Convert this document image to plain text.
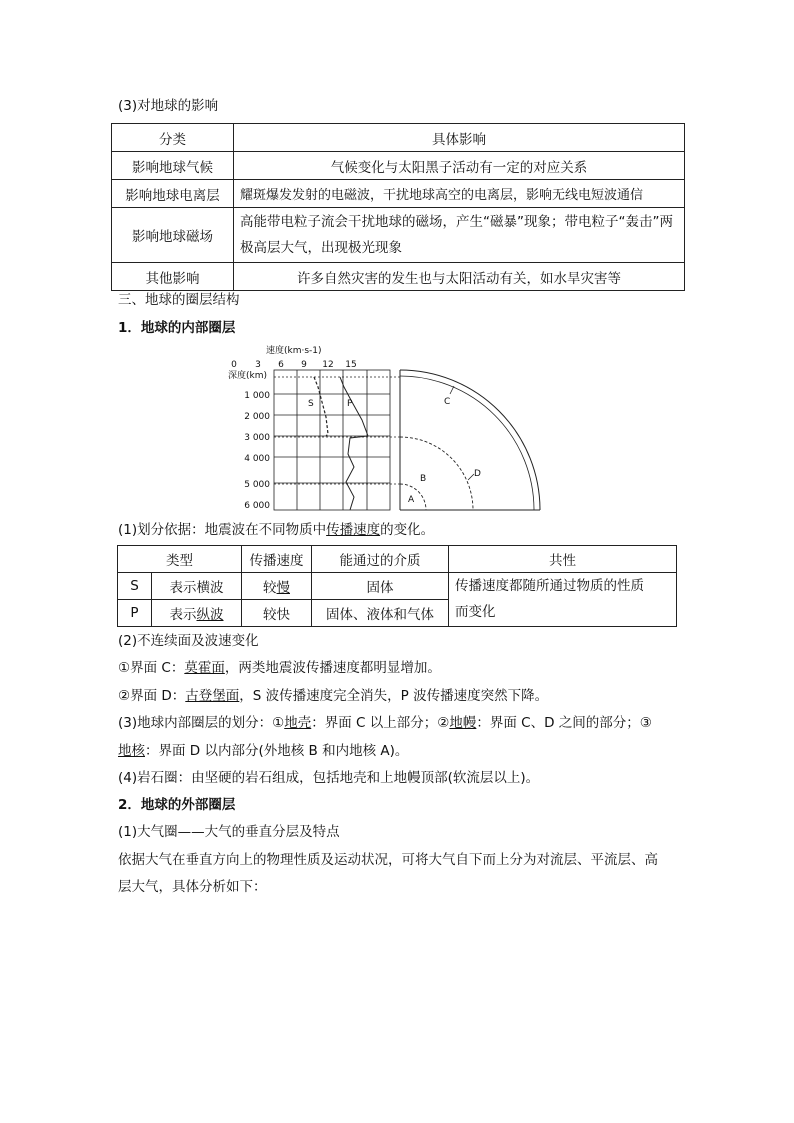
(3)对地球的影响
分类	具体影响
影响地球气候	气候变化与太阳黑子活动有一定的对应关系
影响地球电离层	耀斑爆发发射的电磁波，干扰地球高空的电离层，影响无线电短波通信
影响地球磁场	高能带电粒子流会干扰地球的磁场，产生“磁暴”现象；带电粒子“轰击”两极高层大气，出现极光现象
其他影响	许多自然灾害的发生也与太阳活动有关，如水旱灾害等
三、地球的圈层结构
1．地球的内部圈层
速度(km·s-1)
0 3 6 9 12 15
深度(km)
1 000
2 000
3 000
4 000
5 000
6 000
S	P	C
D
B
A
(1)划分依据：地震波在不同物质中传播速度的变化。
类型		传播速度	能通过的介质	共性
S	表示横波	较慢	固体	传播速度都随所通过物质的性质
而变化

P	表示纵波	较快	固体、液体和气体	
(2)不连续面及波速变化
①界面 C：莫霍面，两类地震波传播速度都明显增加。
②界面 D：古登堡面，S 波传播速度完全消失，P 波传播速度突然下降。
(3)地球内部圈层的划分：①地壳：界面 C 以上部分；②地幔：界面 C、D 之间的部分；③
地核：界面 D 以内部分(外地核 B 和内地核 A)。
(4)岩石圈：由坚硬的岩石组成，包括地壳和上地幔顶部(软流层以上)。
2．地球的外部圈层
(1)大气圈——大气的垂直分层及特点
依据大气在垂直方向上的物理性质及运动状况，可将大气自下而上分为对流层、平流层、高
层大气，具体分析如下：
